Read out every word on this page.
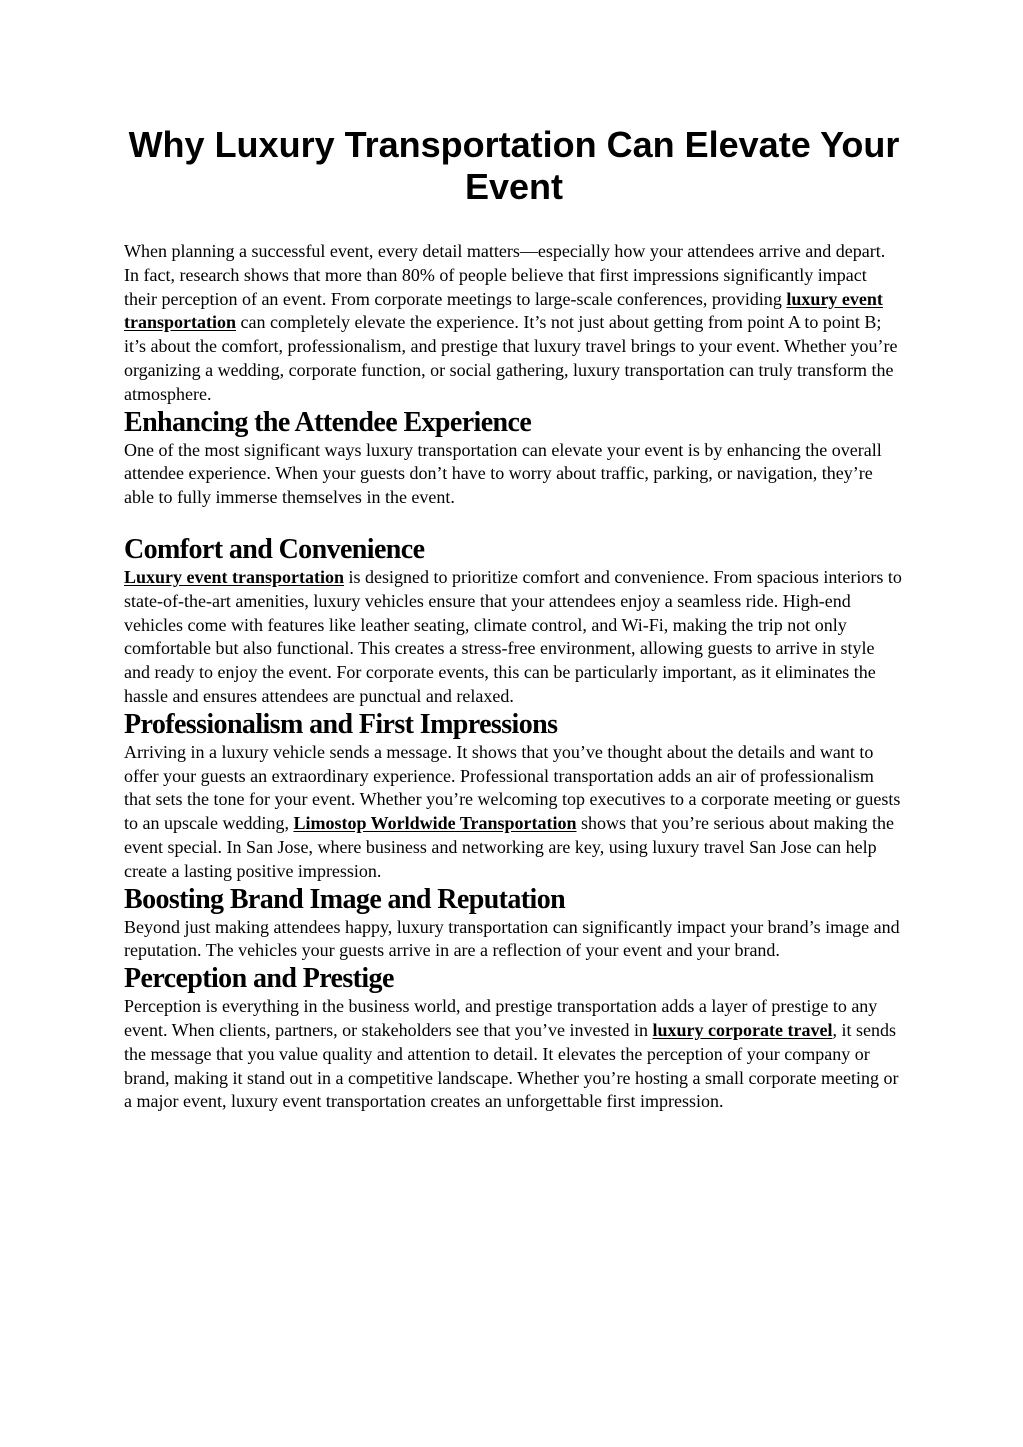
Why Luxury Transportation Can Elevate Your Event

When planning a successful event, every detail matters—especially how your attendees arrive and depart. In fact, research shows that more than 80% of people believe that first impressions significantly impact their perception of an event. From corporate meetings to large-scale conferences, providing luxury event transportation can completely elevate the experience. It’s not just about getting from point A to point B; it’s about the comfort, professionalism, and prestige that luxury travel brings to your event. Whether you’re organizing a wedding, corporate function, or social gathering, luxury transportation can truly transform the atmosphere.

Enhancing the Attendee Experience

One of the most significant ways luxury transportation can elevate your event is by enhancing the overall attendee experience. When your guests don’t have to worry about traffic, parking, or navigation, they’re able to fully immerse themselves in the event.

Comfort and Convenience

Luxury event transportation is designed to prioritize comfort and convenience. From spacious interiors to state-of-the-art amenities, luxury vehicles ensure that your attendees enjoy a seamless ride. High-end vehicles come with features like leather seating, climate control, and Wi-Fi, making the trip not only comfortable but also functional. This creates a stress-free environment, allowing guests to arrive in style and ready to enjoy the event. For corporate events, this can be particularly important, as it eliminates the hassle and ensures attendees are punctual and relaxed.

Professionalism and First Impressions

Arriving in a luxury vehicle sends a message. It shows that you’ve thought about the details and want to offer your guests an extraordinary experience. Professional transportation adds an air of professionalism that sets the tone for your event. Whether you’re welcoming top executives to a corporate meeting or guests to an upscale wedding, Limostop Worldwide Transportation shows that you’re serious about making the event special. In San Jose, where business and networking are key, using luxury travel San Jose can help create a lasting positive impression.

Boosting Brand Image and Reputation

Beyond just making attendees happy, luxury transportation can significantly impact your brand’s image and reputation. The vehicles your guests arrive in are a reflection of your event and your brand.

Perception and Prestige

Perception is everything in the business world, and prestige transportation adds a layer of prestige to any event. When clients, partners, or stakeholders see that you’ve invested in luxury corporate travel, it sends the message that you value quality and attention to detail. It elevates the perception of your company or brand, making it stand out in a competitive landscape. Whether you’re hosting a small corporate meeting or a major event, luxury event transportation creates an unforgettable first impression.
